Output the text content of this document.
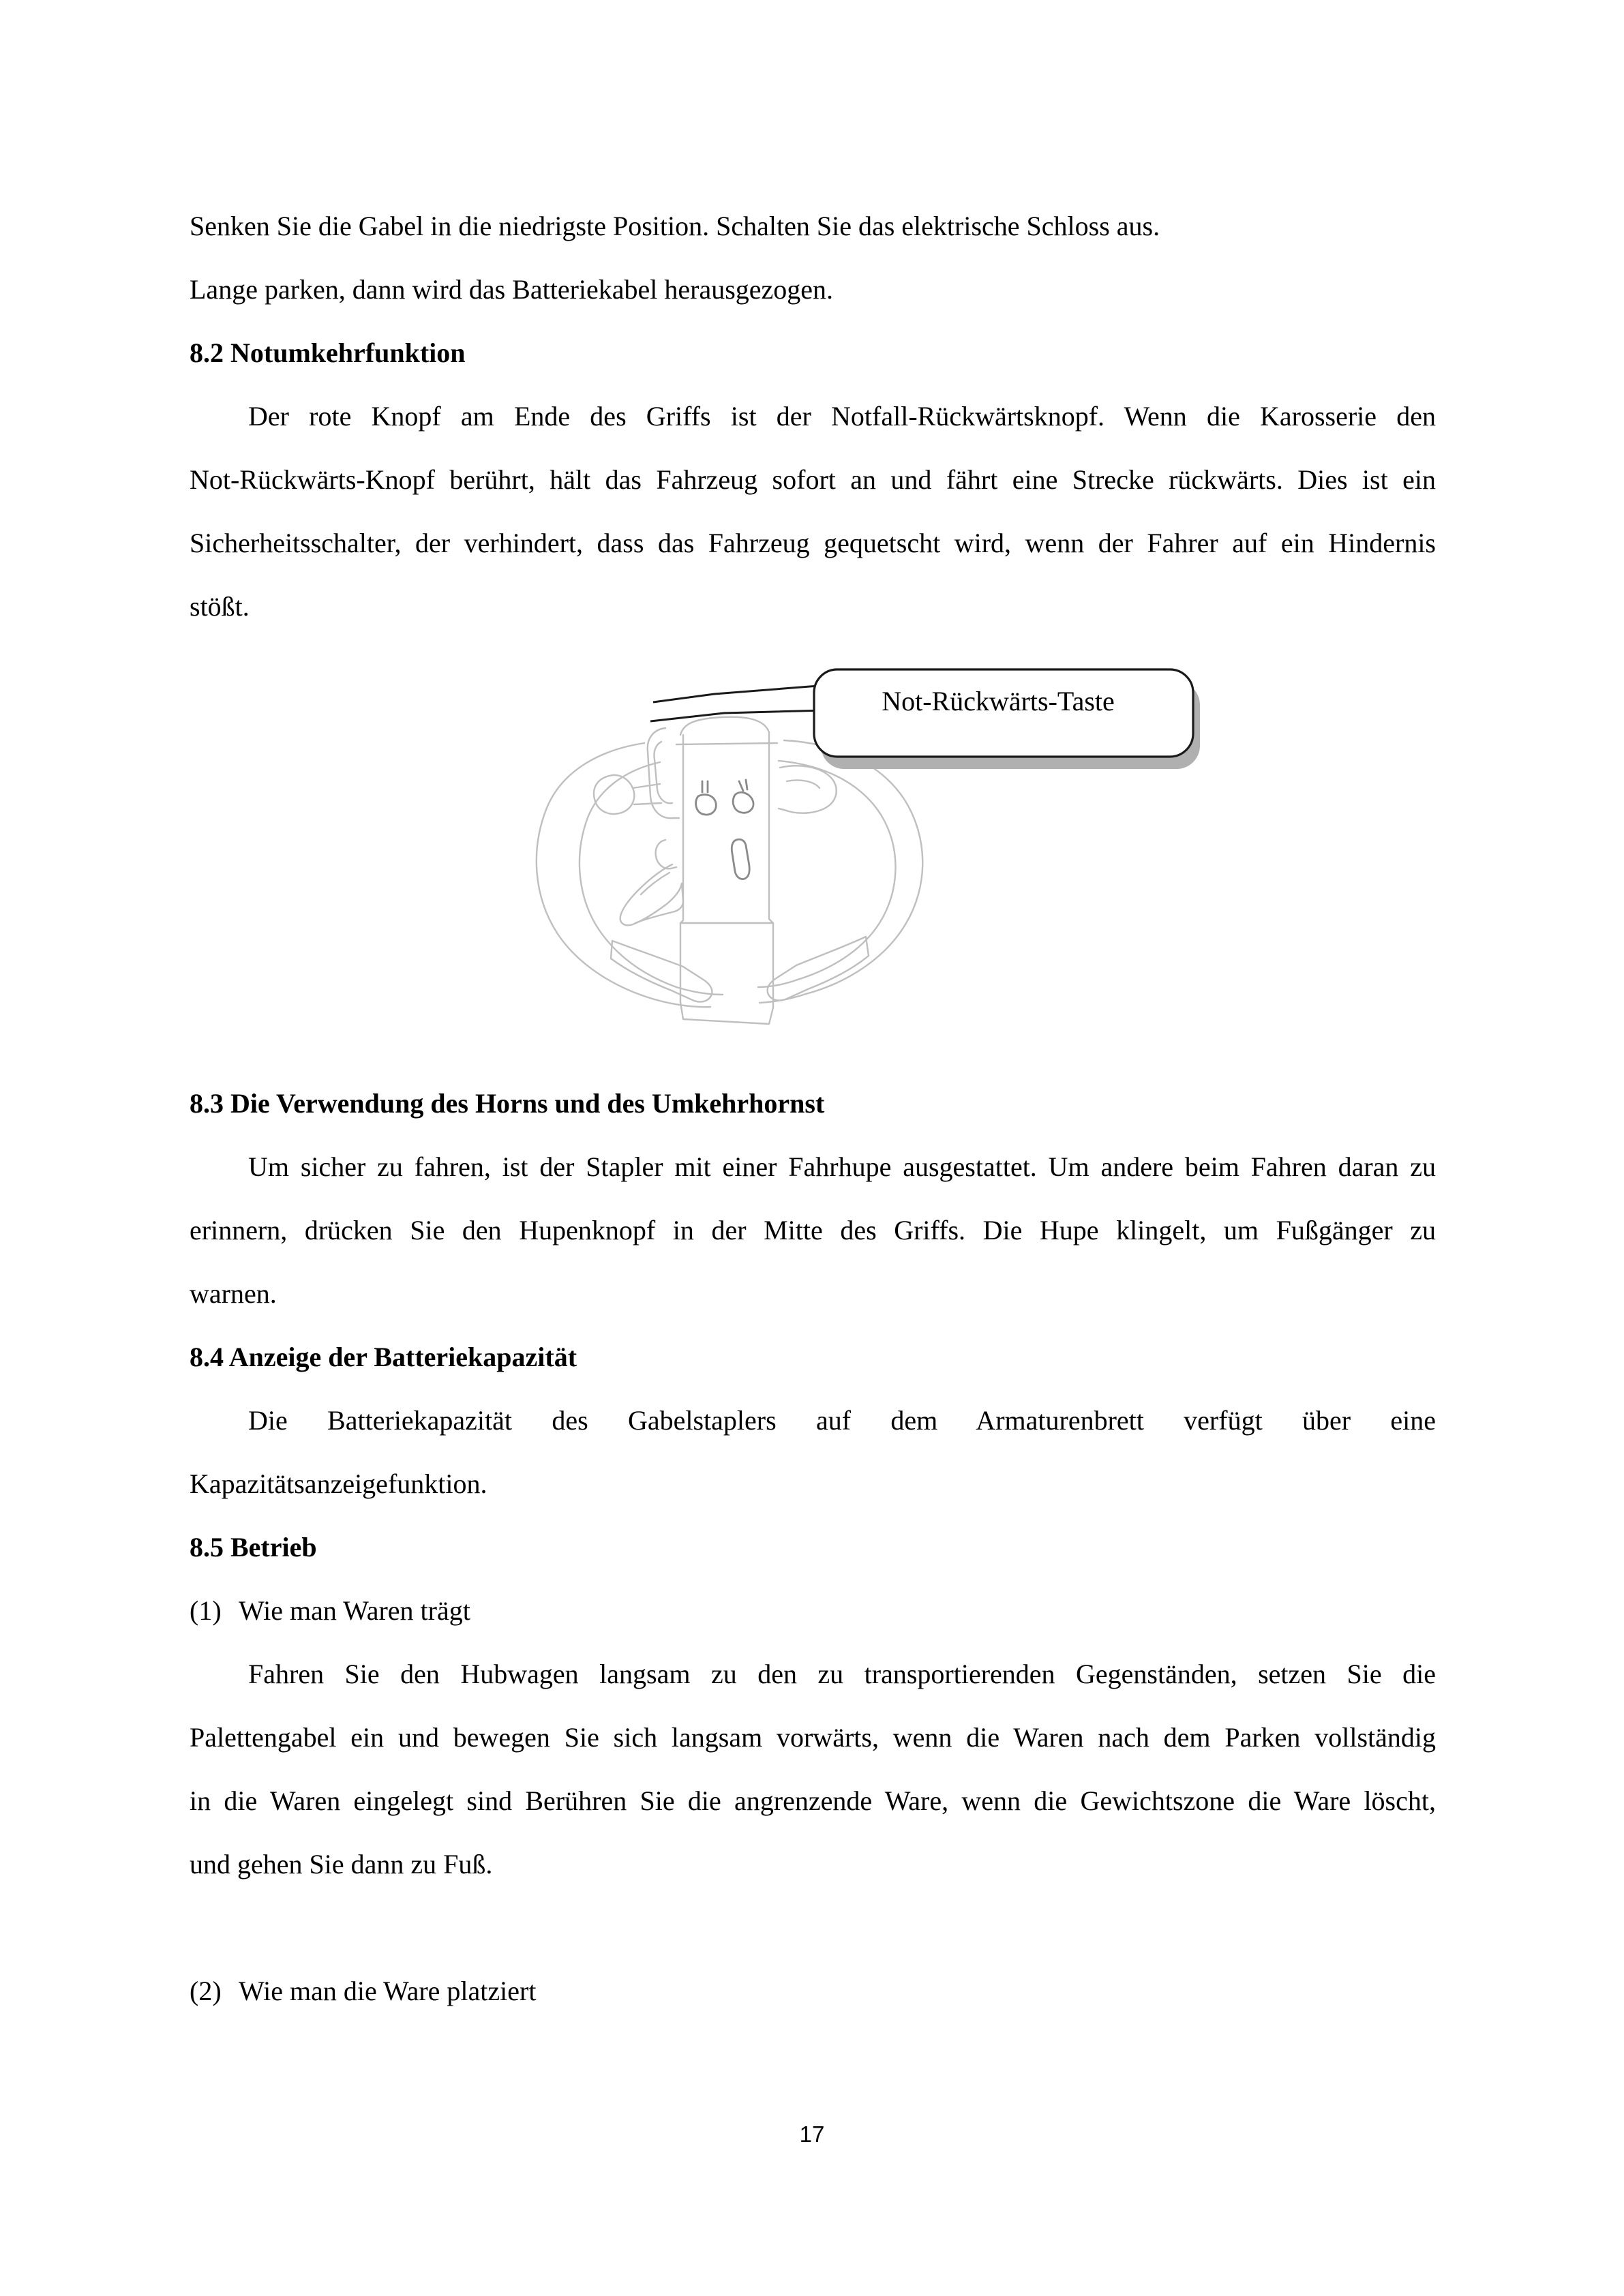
Senken Sie die Gabel in die niedrigste Position. Schalten Sie das elektrische Schloss aus.

Lange parken, dann wird das Batteriekabel herausgezogen.

8.2 Notumkehrfunktion

Der rote Knopf am Ende des Griffs ist der Notfall-Rückwärtsknopf. Wenn die Karosserie den

Not-Rückwärts-Knopf berührt, hält das Fahrzeug sofort an und fährt eine Strecke rückwärts. Dies ist ein

Sicherheitsschalter, der verhindert, dass das Fahrzeug gequetscht wird, wenn der Fahrer auf ein Hindernis

stößt.

8.3 Die Verwendung des Horns und des Umkehrhornst

Um sicher zu fahren, ist der Stapler mit einer Fahrhupe ausgestattet. Um andere beim Fahren daran zu

erinnern, drücken Sie den Hupenknopf in der Mitte des Griffs. Die Hupe klingelt, um Fußgänger zu

warnen.

8.4 Anzeige der Batteriekapazität

Die Batteriekapazität des Gabelstaplers auf dem Armaturenbrett verfügt über eine

Kapazitätsanzeigefunktion.

8.5 Betrieb

(1) Wie man Waren trägt

Fahren Sie den Hubwagen langsam zu den zu transportierenden Gegenständen, setzen Sie die

Palettengabel ein und bewegen Sie sich langsam vorwärts, wenn die Waren nach dem Parken vollständig

in die Waren eingelegt sind Berühren Sie die angrenzende Ware, wenn die Gewichtszone die Ware löscht,

und gehen Sie dann zu Fuß.

(2) Wie man die Ware platziert

Not-Rückwärts-Taste
17
